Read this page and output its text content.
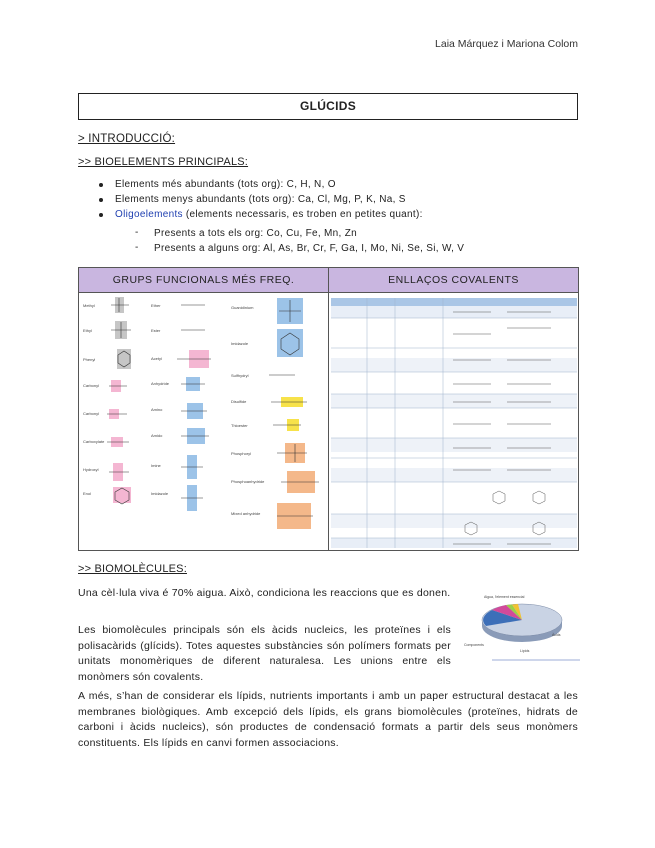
Laia Márquez i Mariona Colom
GLÚCIDS
> INTRODUCCIÓ:
>> BIOELEMENTS PRINCIPALS:
Elements més abundants (tots org): C, H, N, O
Elements menys abundants (tots org): Ca, Cl, Mg, P, K, Na, S
Oligoelements (elements necessaris, es troben en petites quant):
- Presents a tots els org: Co, Cu, Fe, Mn, Zn
- Presents a alguns org: Al, As, Br, Cr, F, Ga, I, Mo, Ni, Se, Si, W, V
GRUPS FUNCIONALS MÉS FREQ.	ENLLAÇOS COVALENTS
Methyl
Ethyl
Phenyl
Carbonyl
Carbonyl
Carboxylate
Hydroxyl
Enol
Ether
Ester
Acetyl
Anhydride
Amino
Amido
Imine
Imidazole
Guanidinium
Imidazole
Sulfhydryl
Disulfide
Thioester
Phosphoryl
Phosphoanhydride
Mixed anhydride
>> BIOMOLÈCULES:
Una cèl·lula viva é 70% aigua. Això, condiciona les reaccions que es donen.
Les biomolècules principals són els àcids nucleics, les proteïnes i els polisacàrids (glícids). Totes aquestes substàncies són polímers formats per unitats monomèriques de diferent naturalesa. Les unions entre els monòmers són covalents.
A més, s’han de considerar els lípids, nutrients importants i amb un paper estructural destacat a les membranes biològiques. Amb excepció dels lípids, els grans biomolècules (proteïnes, hidrats de carboni i àcids nucleics), són productes de condensació formats a partir dels seus monòmers constituents. Els lípids en canvi formen associacions.
Aigua, l'element essencial
Components
Lípids
Àcids
